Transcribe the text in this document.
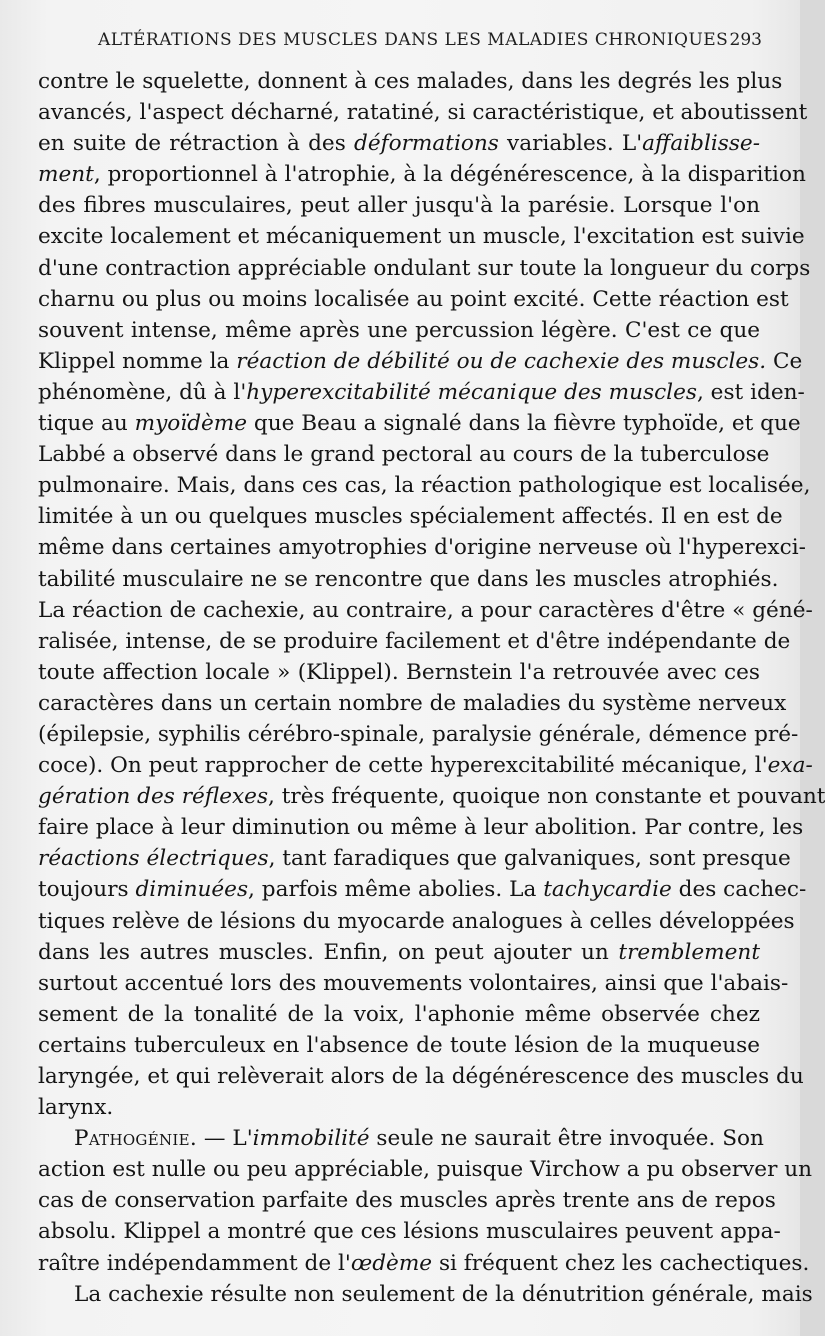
ALTÉRATIONS DES MUSCLES DANS LES MALADIES CHRONIQUES 293
contre le squelette, donnent à ces malades, dans les degrés les plus
avancés, l'aspect décharné, ratatiné, si caractéristique, et aboutissent
en suite de rétraction à des déformations variables. L'affaiblisse-
ment, proportionnel à l'atrophie, à la dégénérescence, à la disparition
des fibres musculaires, peut aller jusqu'à la parésie. Lorsque l'on
excite localement et mécaniquement un muscle, l'excitation est suivie
d'une contraction appréciable ondulant sur toute la longueur du corps
charnu ou plus ou moins localisée au point excité. Cette réaction est
souvent intense, même après une percussion légère. C'est ce que
Klippel nomme la réaction de débilité ou de cachexie des muscles. Ce
phénomène, dû à l'hyperexcitabilité mécanique des muscles, est iden-
tique au myoïdème que Beau a signalé dans la fièvre typhoïde, et que
Labbé a observé dans le grand pectoral au cours de la tuberculose
pulmonaire. Mais, dans ces cas, la réaction pathologique est localisée,
limitée à un ou quelques muscles spécialement affectés. Il en est de
même dans certaines amyotrophies d'origine nerveuse où l'hyperexci-
tabilité musculaire ne se rencontre que dans les muscles atrophiés.
La réaction de cachexie, au contraire, a pour caractères d'être « géné-
ralisée, intense, de se produire facilement et d'être indépendante de
toute affection locale » (Klippel). Bernstein l'a retrouvée avec ces
caractères dans un certain nombre de maladies du système nerveux
(épilepsie, syphilis cérébro-spinale, paralysie générale, démence pré-
coce). On peut rapprocher de cette hyperexcitabilité mécanique, l'exa-
gération des réflexes, très fréquente, quoique non constante et pouvant
faire place à leur diminution ou même à leur abolition. Par contre, les
réactions électriques, tant faradiques que galvaniques, sont presque
toujours diminuées, parfois même abolies. La tachycardie des cachec-
tiques relève de lésions du myocarde analogues à celles développées
dans les autres muscles. Enfin, on peut ajouter un tremblement
surtout accentué lors des mouvements volontaires, ainsi que l'abais-
sement de la tonalité de la voix, l'aphonie même observée chez
certains tuberculeux en l'absence de toute lésion de la muqueuse
laryngée, et qui relèverait alors de la dégénérescence des muscles du
larynx.
Pathogénie. — L'immobilité seule ne saurait être invoquée. Son
action est nulle ou peu appréciable, puisque Virchow a pu observer un
cas de conservation parfaite des muscles après trente ans de repos
absolu. Klippel a montré que ces lésions musculaires peuvent appa-
raître indépendamment de l'œdème si fréquent chez les cachectiques.
La cachexie résulte non seulement de la dénutrition générale, mais
